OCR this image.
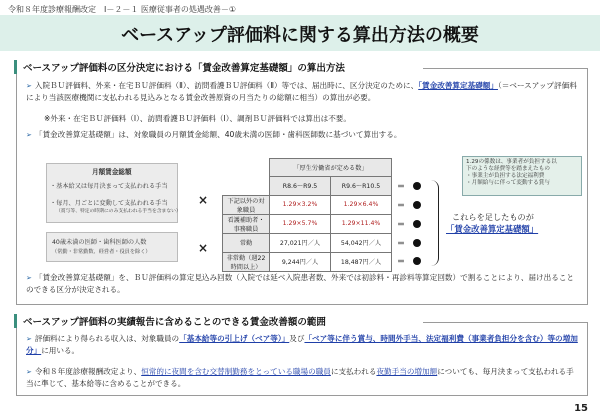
令和８年度診療報酬改定　Ⅰ－２－１ 医療従事者の処遇改善－①
ベースアップ評価料に関する算出方法の概要
ベースアップ評価料の区分決定における「賃金改善算定基礎額」の算出方法
➢ 入院ＢＵ評価料、外来・在宅ＢＵ評価料（Ⅱ）、訪問看護ＢＵ評価料（Ⅱ）等では、届出時に、区分決定のために、「賃金改善算定基礎額」（＝ベースアップ評価料により当該医療機関に支払われる見込みとなる賃金改善原資の月当たりの総額に相当）の算出が必要。
※外来・在宅ＢＵ評価料（Ⅰ）、訪問看護ＢＵ評価料（Ⅰ）、調剤ＢＵ評価料では算出は不要。
➢ 「賃金改善算定基礎額」は、対象職員の月額賃金総額、40歳未満の医師・歯科医師数に基づいて算出する。
月額賃金総額
・基本給又は毎月決まって支払われる手当
・毎月、月ごとに変動して支払われる手当
（賞与等、特定の時期にのみ支払われる手当を含まない）
40歳未満の医師・歯科医師の人数
（常勤・非常勤数、経営者・役員を除く）
×
×
	「厚生労働省が定める数」	
	R8.6～R9.5	R9.6～R10.5
下記以外の対象職員	1.29×3.2%	1.29×6.4%
看護補助者・事務職員	1.29×5.7%	1.29×11.4%
常勤	27,021円／人	54,042円／人
非常勤（週22時間以上）	9,244円／人	18,487円／人
＝
＝
＝
＝
＝
1.29の係数は、事業者が負担する以
下のような経費等を踏まえたもの
・事業主が負担する法定福利費
・月額給与に伴って変動する賞与
これらを足したものが
「賃金改善算定基礎額」
➢ 「賃金改善算定基礎額」を、ＢＵ評価料の算定見込み回数（入院では延べ入院患者数、外来では初診料・再診料等算定回数）で割ることにより、届け出ることのできる区分が決定される。
ベースアップ評価料の実績報告に含めることのできる賃金改善額の範囲
➢ 評価料により得られる収入は、対象職員の「基本給等の引上げ（ベア等）」及び「ベア等に伴う賞与、時間外手当、法定福利費（事業者負担分を含む）等の増加分」に用いる。
➢ 令和８年度診療報酬改定より、恒常的に夜間を含む交替制勤務をとっている職場の職員に支払われる夜勤手当の増加額についても、毎月決まって支払われる手当に準じて、基本給等に含めることができる。
15
